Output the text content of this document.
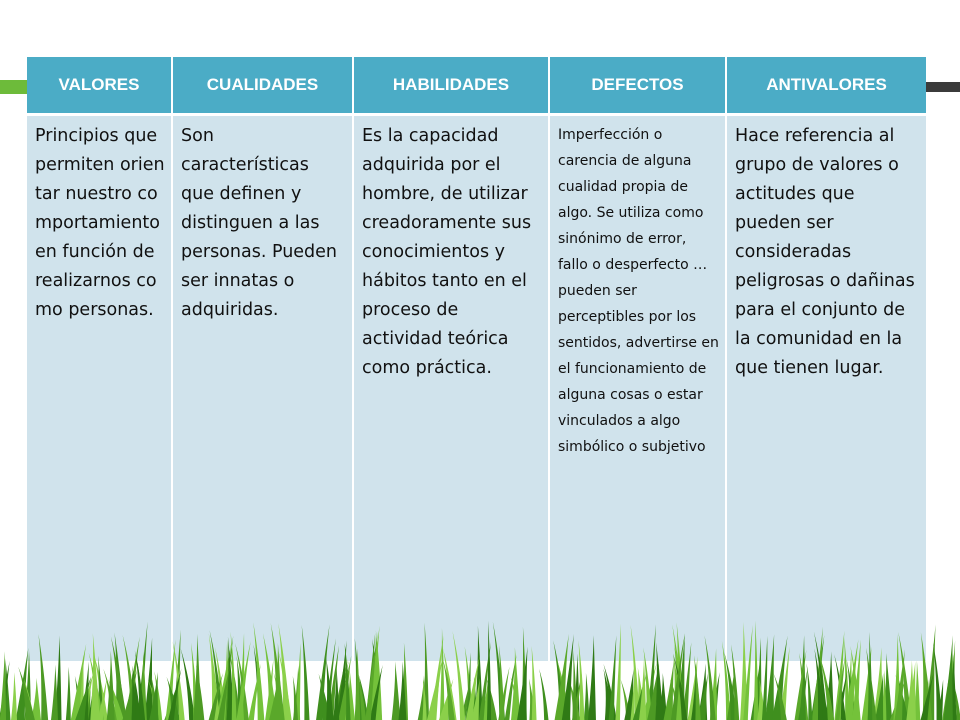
VALORES	CUALIDADES	HABILIDADES	DEFECTOS	ANTIVALORES
Principios que permiten orientar nuestro comportamiento en función de realizarnos como personas.	Son características que definen y distinguen a las personas. Pueden ser innatas o adquiridas.	Es la capacidad adquirida por el hombre, de utilizar creadoramente sus conocimientos y hábitos tanto en el proceso de actividad teórica como práctica.	Imperfección o carencia de alguna cualidad propia de algo. Se utiliza como sinónimo de error, fallo o desperfecto … pueden ser perceptibles por los sentidos, advertirse en el funcionamiento de alguna cosas o estar vinculados a algo simbólico o subjetivo	Hace referencia al grupo de valores o actitudes que pueden ser consideradas peligrosas o dañinas para el conjunto de la comunidad en la que tienen lugar.
